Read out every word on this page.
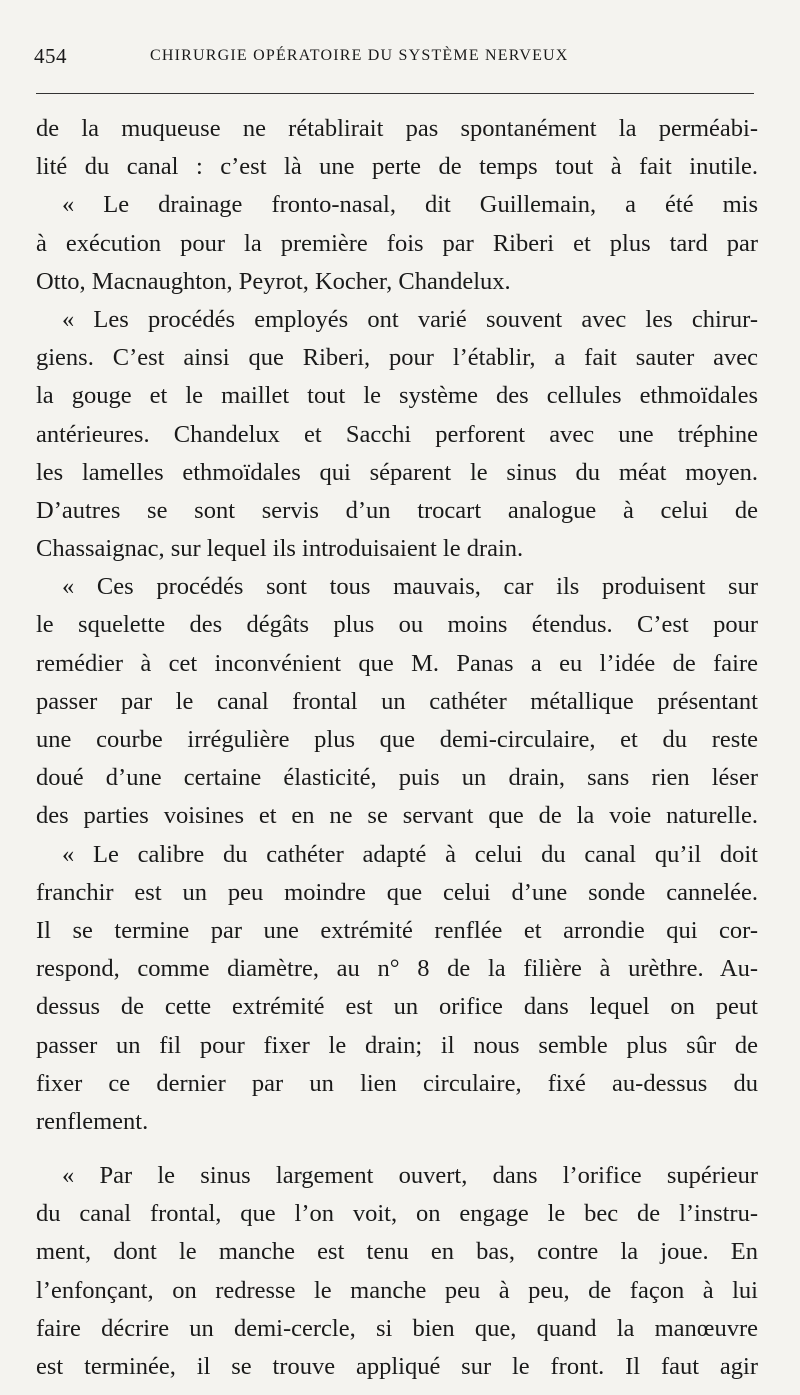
454	CHIRURGIE OPÉRATOIRE DU SYSTÈME NERVEUX
de la muqueuse ne rétablirait pas spontanément la perméabi-
lité du canal : c’est là une perte de temps tout à fait inutile.
« Le drainage fronto-nasal, dit Guillemain, a été mis
à exécution pour la première fois par Riberi et plus tard par
Otto, Macnaughton, Peyrot, Kocher, Chandelux.
« Les procédés employés ont varié souvent avec les chirur-
giens. C’est ainsi que Riberi, pour l’établir, a fait sauter avec
la gouge et le maillet tout le système des cellules ethmoïdales
antérieures. Chandelux et Sacchi perforent avec une tréphine
les lamelles ethmoïdales qui séparent le sinus du méat moyen.
D’autres se sont servis d’un trocart analogue à celui de
Chassaignac, sur lequel ils introduisaient le drain.
« Ces procédés sont tous mauvais, car ils produisent sur
le squelette des dégâts plus ou moins étendus. C’est pour
remédier à cet inconvénient que M. Panas a eu l’idée de faire
passer par le canal frontal un cathéter métallique présentant
une courbe irrégulière plus que demi-circulaire, et du reste
doué d’une certaine élasticité, puis un drain, sans rien léser
des parties voisines et en ne se servant que de la voie naturelle.
« Le calibre du cathéter adapté à celui du canal qu’il doit
franchir est un peu moindre que celui d’une sonde cannelée.
Il se termine par une extrémité renflée et arrondie qui cor-
respond, comme diamètre, au n° 8 de la filière à urèthre. Au-
dessus de cette extrémité est un orifice dans lequel on peut
passer un fil pour fixer le drain; il nous semble plus sûr de
fixer ce dernier par un lien circulaire, fixé au-dessus du
renflement.
« Par le sinus largement ouvert, dans l’orifice supérieur
du canal frontal, que l’on voit, on engage le bec de l’instru-
ment, dont le manche est tenu en bas, contre la joue. En
l’enfonçant, on redresse le manche peu à peu, de façon à lui
faire décrire un demi-cercle, si bien que, quand la manœuvre
est terminée, il se trouve appliqué sur le front. Il faut agir
